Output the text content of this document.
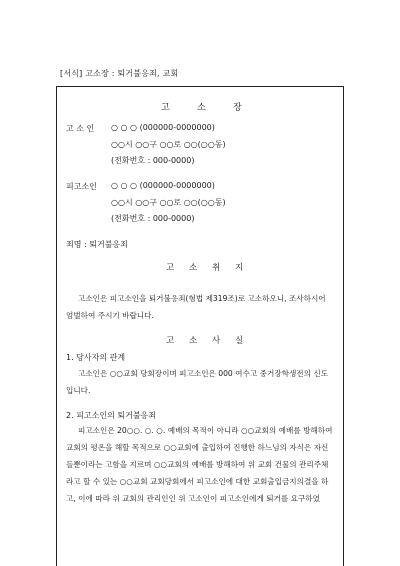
[서식] 고소장 : 퇴거불응죄, 교회
고	소	장
고 소 인 ○ ○ ○ (000000-0000000)
○○시 ○○구 ○○로 ○○(○○동)
(전화번호 : 000-0000)
피고소인 ○ ○ ○ (000000-0000000)
○○시 ○○구 ○○로 ○○(○○동)
(전화번호 : 000-0000)
죄명 : 퇴거불응죄
고 소 취 지

고소인은 피고소인을 퇴거불응죄(형법 제319조)로 고소하오니, 조사하시어 엄벌하여 주시기 바랍니다.

고 소 사 실
1. 당사자의 관계

고소인은 ○○교회 당회장이며 피고소인은 000 여수고 중거장학생전의 신도입니다.

2. 피고소인의 퇴거불응죄

피고소인은 20○○. ○. ○. 예배의 목적이 아니라 ○○교회의 예배를 방해하여 교회의 평온을 해할 목적으로 ○○교회에 출입하여 진행한 하느님의 자식은 자신들뿐이라는 고함을 지르며 ○○교회의 예배를 방해하여 위 교회 건물의 관리주체라고 할 수 있는 ○○교회 교회당회에서 피고소인에 대한 교회출입금지의결을 하고, 이에 따라 위 교회의 관리인인 위 고소인이 피고소인에게 퇴거를 요구하였
